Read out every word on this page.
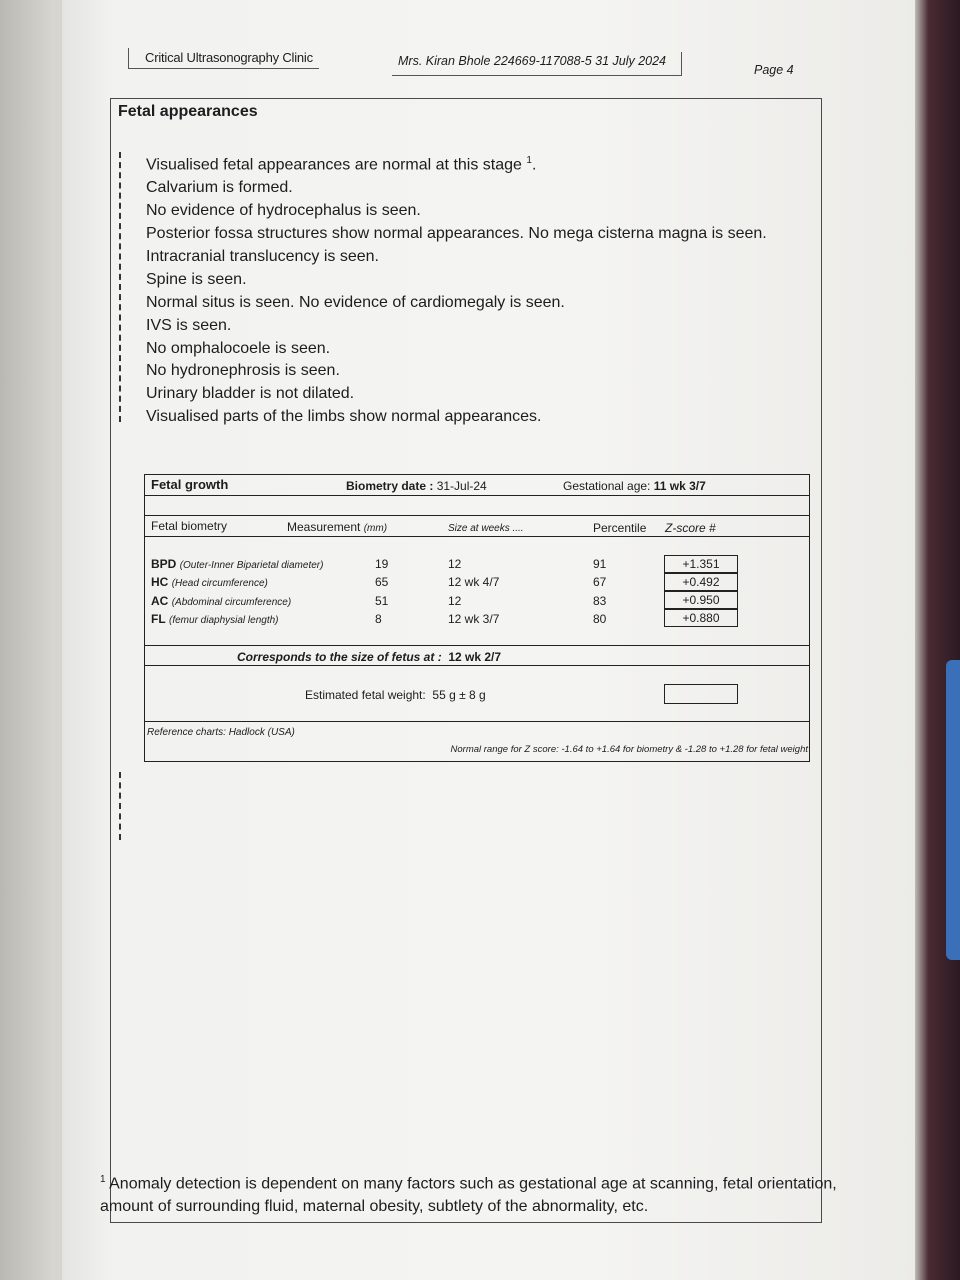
Critical Ultrasonography Clinic	Mrs. Kiran Bhole 224669-117088-5 31 July 2024
Page 4
Fetal appearances
Visualised fetal appearances are normal at this stage $^1$.
Calvarium is formed.
No evidence of hydrocephalus is seen.
Posterior fossa structures show normal appearances. No mega cisterna magna is seen.
Intracranial translucency is seen.
Spine is seen.
Normal situs is seen. No evidence of cardiomegaly is seen.
IVS is seen.
No omphalocoele is seen.
No hydronephrosis is seen.
Urinary bladder is not dilated.
Visualised parts of the limbs show normal appearances.
Fetal growth	Biometry date : 31-Jul-24	Gestational age: 11 wk 3/7
Fetal biometry	Measurement (mm)	Size at weeks ....	Percentile Z-score #
BPD (Outer-Inner Biparietal diameter)	19	12	91	+1.351
HC (Head circumference)	65	12 wk 4/7	67	+0.492
AC (Abdominal circumference)	51	12	83	+0.950
FL (femur diaphysial length)	8	12 wk 3/7	80	+0.880
Corresponds to the size of fetus at : 12 wk 2/7
Estimated fetal weight: 55 g ± 8 g
Reference charts: Hadlock (USA)
Normal range for Z score: -1.64 to +1.64 for biometry & -1.28 to +1.28 for fetal weight
$^1$ Anomaly detection is dependent on many factors such as gestational age at scanning, fetal orientation, amount of surrounding fluid, maternal obesity, subtlety of the abnormality, etc.
